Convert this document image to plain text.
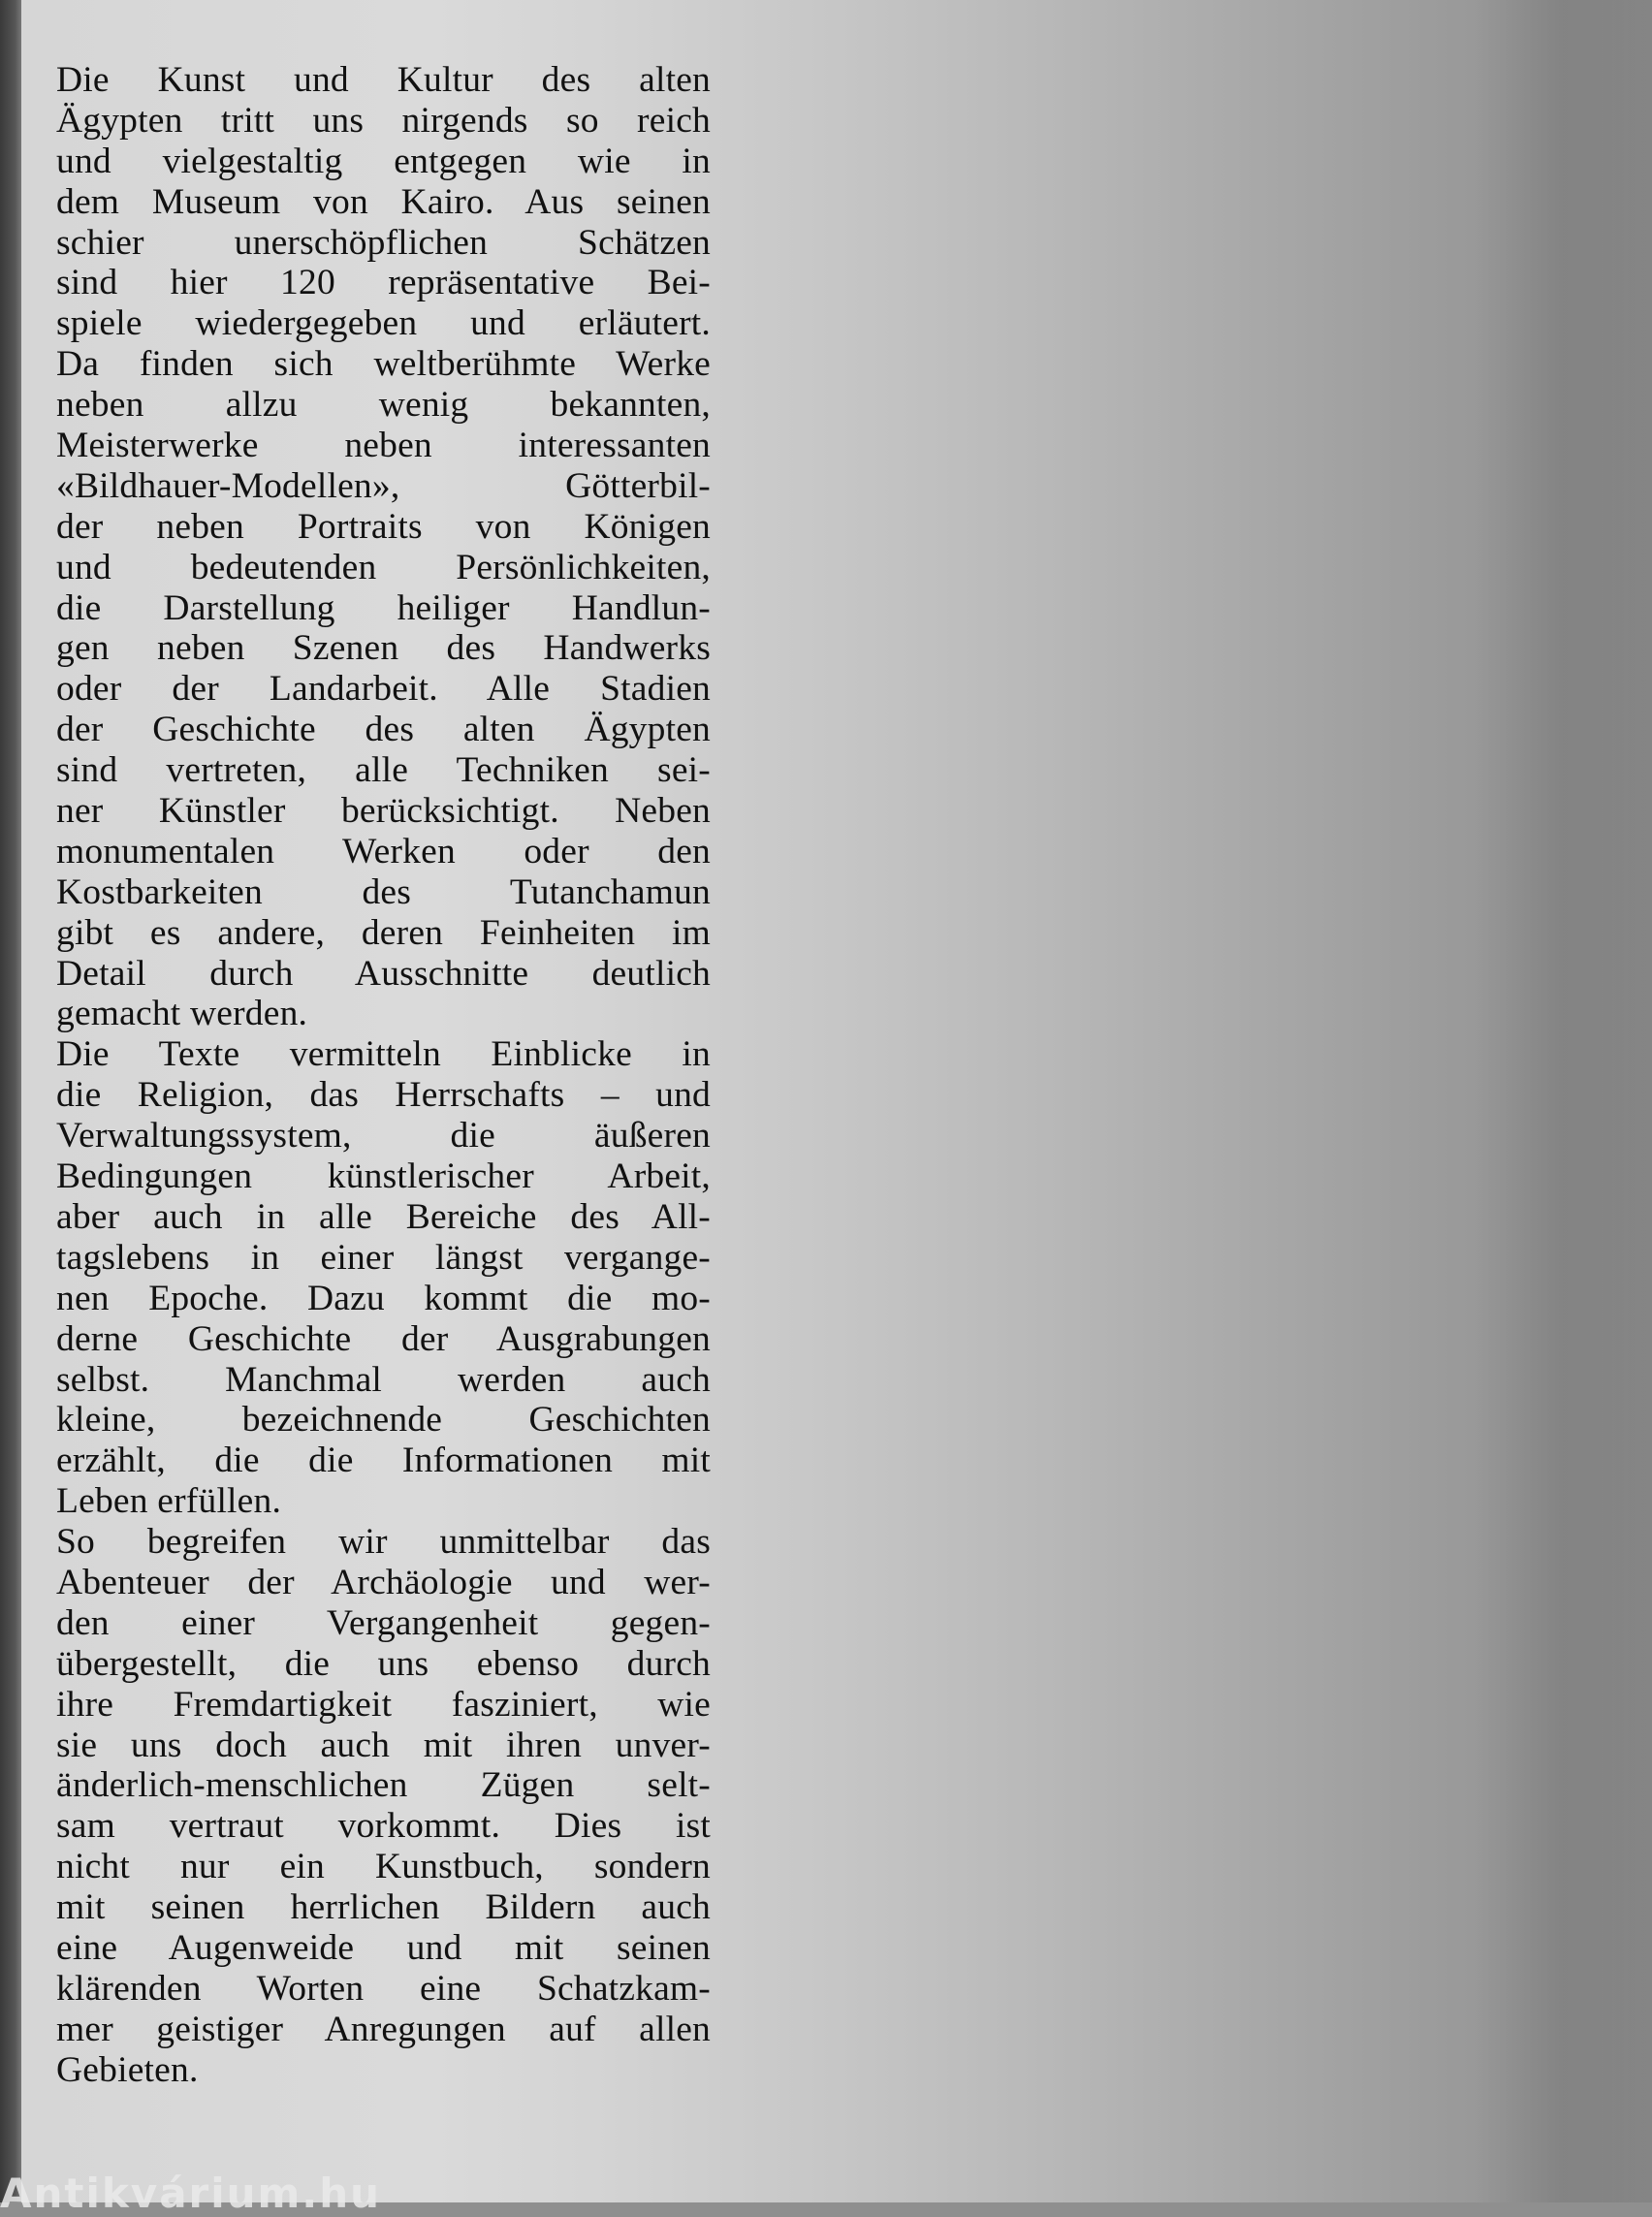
Die Kunst und Kultur des alten
Ägypten tritt uns nirgends so reich
und vielgestaltig entgegen wie in
dem Museum von Kairo. Aus seinen
schier unerschöpflichen Schätzen
sind hier 120 repräsentative Bei-
spiele wiedergegeben und erläutert.
Da finden sich weltberühmte Werke
neben allzu wenig bekannten,
Meisterwerke neben interessanten
«Bildhauer-Modellen», Götterbil-
der neben Portraits von Königen
und bedeutenden Persönlichkeiten,
die Darstellung heiliger Handlun-
gen neben Szenen des Handwerks
oder der Landarbeit. Alle Stadien
der Geschichte des alten Ägypten
sind vertreten, alle Techniken sei-
ner Künstler berücksichtigt. Neben
monumentalen Werken oder den
Kostbarkeiten des Tutanchamun
gibt es andere, deren Feinheiten im
Detail durch Ausschnitte deutlich
gemacht werden.
Die Texte vermitteln Einblicke in
die Religion, das Herrschafts – und
Verwaltungssystem, die äußeren
Bedingungen künstlerischer Arbeit,
aber auch in alle Bereiche des All-
tagslebens in einer längst vergange-
nen Epoche. Dazu kommt die mo-
derne Geschichte der Ausgrabungen
selbst. Manchmal werden auch
kleine, bezeichnende Geschichten
erzählt, die die Informationen mit
Leben erfüllen.
So begreifen wir unmittelbar das
Abenteuer der Archäologie und wer-
den einer Vergangenheit gegen-
übergestellt, die uns ebenso durch
ihre Fremdartigkeit fasziniert, wie
sie uns doch auch mit ihren unver-
änderlich-menschlichen Zügen selt-
sam vertraut vorkommt. Dies ist
nicht nur ein Kunstbuch, sondern
mit seinen herrlichen Bildern auch
eine Augenweide und mit seinen
klärenden Worten eine Schatzkam-
mer geistiger Anregungen auf allen
Gebieten.
Antikvárium.hu
